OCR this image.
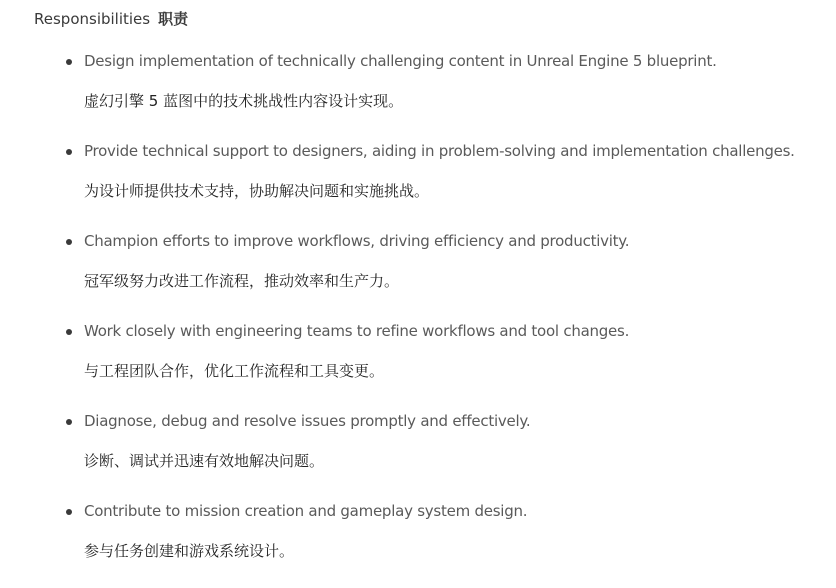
Responsibilities 职责
Design implementation of technically challenging content in Unreal Engine 5 blueprint.
虚幻引擎 5 蓝图中的技术挑战性内容设计实现。
Provide technical support to designers, aiding in problem-solving and implementation challenges.
为设计师提供技术支持，协助解决问题和实施挑战。
Champion efforts to improve workflows, driving efficiency and productivity.
冠军级努力改进工作流程，推动效率和生产力。
Work closely with engineering teams to refine workflows and tool changes.
与工程团队合作，优化工作流程和工具变更。
Diagnose, debug and resolve issues promptly and effectively.
诊断、调试并迅速有效地解决问题。
Contribute to mission creation and gameplay system design.
参与任务创建和游戏系统设计。
